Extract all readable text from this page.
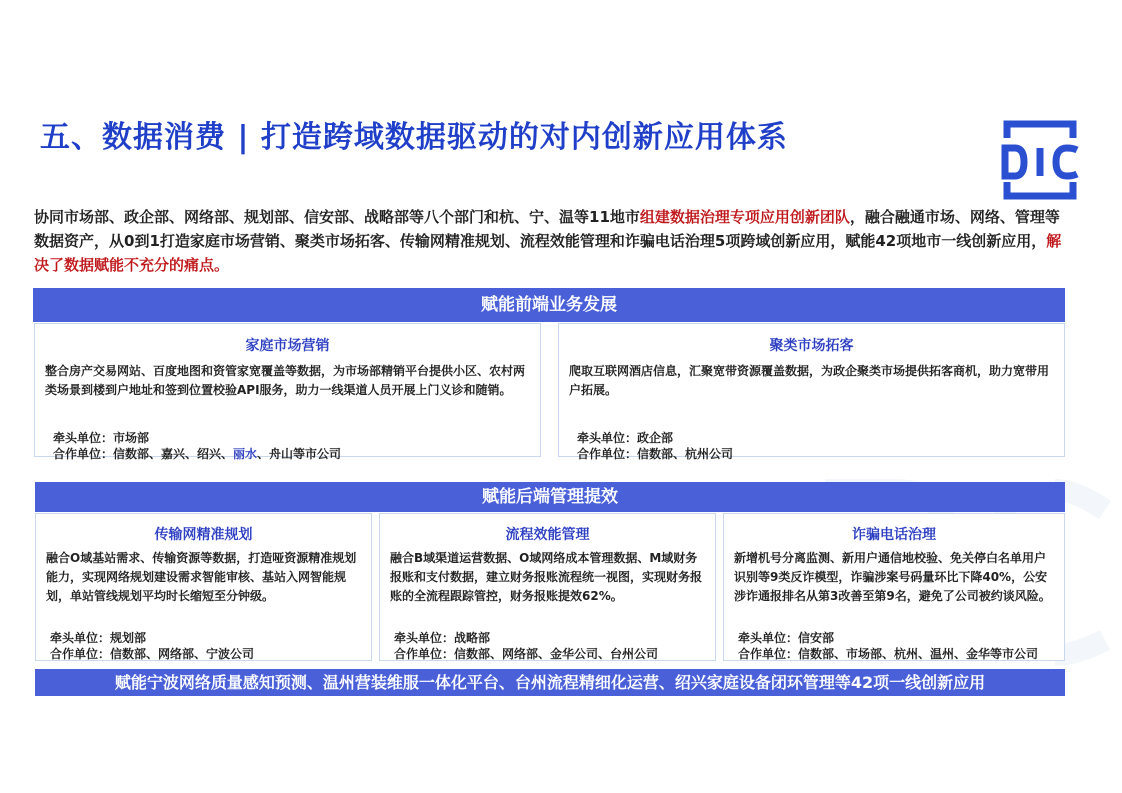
五、数据消费 | 打造跨域数据驱动的对内创新应用体系
协同市场部、政企部、网络部、规划部、信安部、战略部等八个部门和杭、宁、温等11地市组建数据治理专项应用创新团队，融合融通市场、网络、管理等数据资产，从0到1打造家庭市场营销、聚类市场拓客、传输网精准规划、流程效能管理和诈骗电话治理5项跨域创新应用，赋能42项地市一线创新应用，解决了数据赋能不充分的痛点。
赋能前端业务发展
家庭市场营销
整合房产交易网站、百度地图和资管家宽覆盖等数据，为市场部精销平台提供小区、农村两类场景到楼到户地址和签到位置校验API服务，助力一线渠道人员开展上门义诊和随销。
牵头单位：市场部
合作单位：信数部、嘉兴、绍兴、丽水、舟山等市公司
聚类市场拓客
爬取互联网酒店信息，汇聚宽带资源覆盖数据，为政企聚类市场提供拓客商机，助力宽带用户拓展。
牵头单位：政企部
合作单位：信数部、杭州公司
赋能后端管理提效
传输网精准规划
融合O域基站需求、传输资源等数据，打造哑资源精准规划能力，实现网络规划建设需求智能审核、基站入网智能规划，单站管线规划平均时长缩短至分钟级。
牵头单位：规划部
合作单位：信数部、网络部、宁波公司
流程效能管理
融合B域渠道运营数据、O域网络成本管理数据、M域财务报账和支付数据，建立财务报账流程统一视图，实现财务报账的全流程跟踪管控，财务报账提效62%。
牵头单位：战略部
合作单位：信数部、网络部、金华公司、台州公司
诈骗电话治理
新增机号分离监测、新用户通信地校验、免关停白名单用户识别等9类反诈模型，诈骗涉案号码量环比下降40%，公安涉诈通报排名从第3改善至第9名，避免了公司被约谈风险。
牵头单位：信安部
合作单位：信数部、市场部、杭州、温州、金华等市公司
赋能宁波网络质量感知预测、温州营装维服一体化平台、台州流程精细化运营、绍兴家庭设备闭环管理等42项一线创新应用
